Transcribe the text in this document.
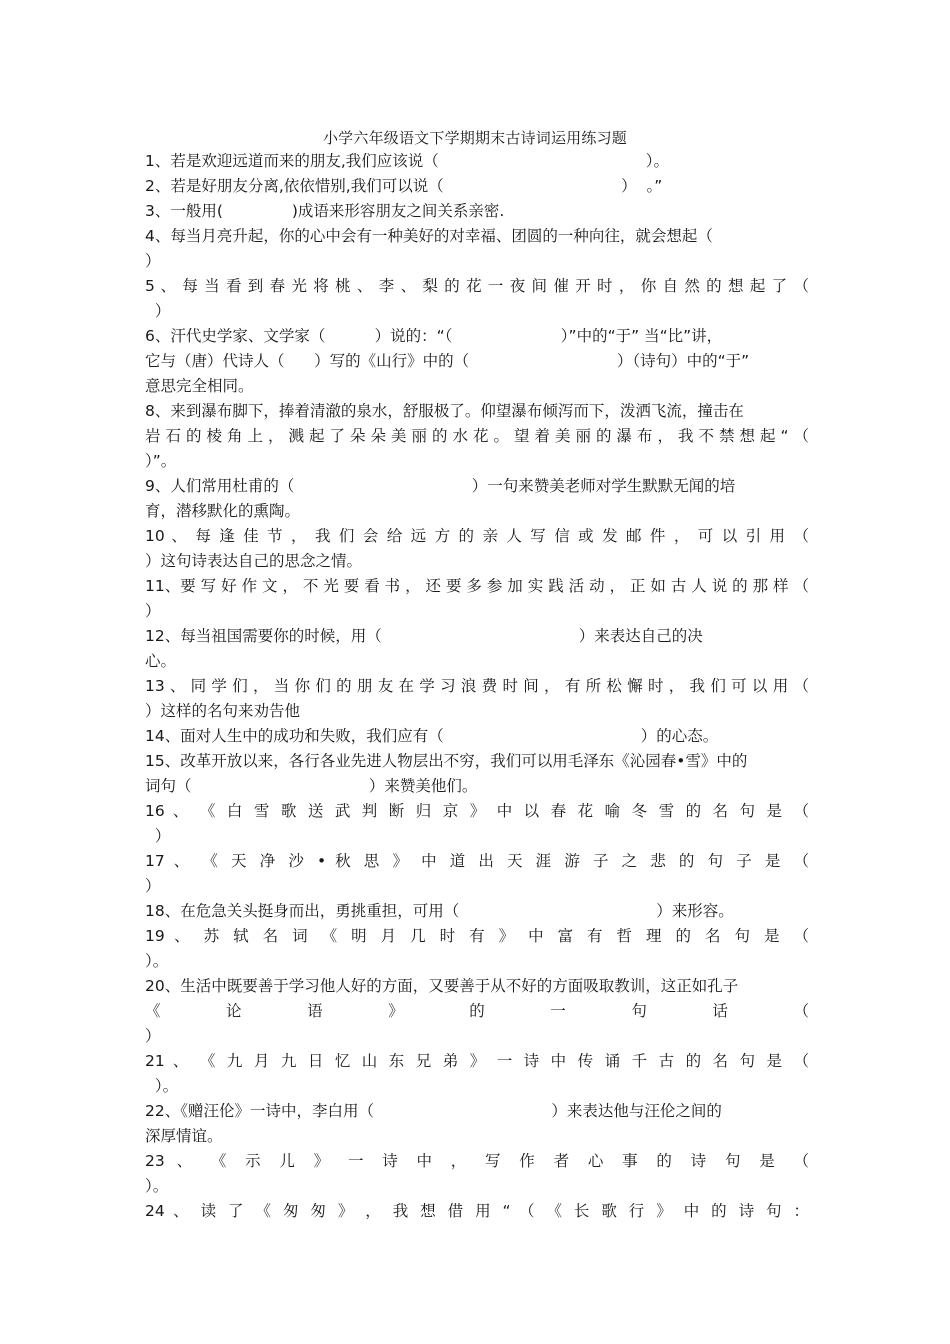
小学六年级语文下学期期末古诗词运用练习题
1、若是欢迎远道而来的朋友,我们应该说（                                          ）。
2、若是好朋友分离,依依惜别,我们可以说（                                    ）  。”
3、一般用(              )成语来形容朋友之间关系亲密.
4、每当月亮升起，你的心中会有一种美好的对幸福、团圆的一种向往，就会想起（
）
5 、 每 当 看 到 春 光 将 桃 、 李 、 梨 的 花 一 夜 间 催 开 时 ， 你 自 然 的 想 起 了 （
）
6、汗代史学家、文学家（          ）说的：“（                      ）”中的“于” 当“比”讲，
它与（唐）代诗人（      ）写的《山行》中的（                              ）（诗句）中的“于”
意思完全相同。
8、来到瀑布脚下，捧着清澈的泉水，舒服极了。仰望瀑布倾泻而下，泼洒飞流，撞击在
岩 石 的 棱 角 上 ， 溅 起 了 朵 朵 美 丽 的 水 花 。 望 着 美 丽 的 瀑 布 ， 我 不 禁 想 起 “ （
）”。
9、人们常用杜甫的（                                    ）一句来赞美老师对学生默默无闻的培
育，潜移默化的熏陶。
10 、 每 逢 佳 节 ， 我 们 会 给 远 方 的 亲 人 写 信 或 发 邮 件 ， 可 以 引 用 （
）这句诗表达自己的思念之情。
11、要 写 好 作 文 ， 不 光 要 看 书 ， 还 要 多 参 加 实 践 活 动 ， 正 如 古 人 说 的 那 样 （
）
12、每当祖国需要你的时候，用（                                        ）来表达自己的决
心。
13 、 同 学 们 ， 当 你 们 的 朋 友 在 学 习 浪 费 时 间 ， 有 所 松 懈 时 ， 我 们 可 以 用 （
）这样的名句来劝告他
14、面对人生中的成功和失败，我们应有（                                        ）的心态。
15、改革开放以来，各行各业先进人物层出不穷，我们可以用毛泽东《沁园春•雪》中的
词句（                                    ）来赞美他们。
16 、 《 白 雪 歌 送 武 判 断 归 京 》 中 以 春 花 喻 冬 雪 的 名 句 是 （
）
17 、 《 天 净 沙 • 秋 思 》 中 道 出 天 涯 游 子 之 悲 的 句 子 是 （
）
18、在危急关头挺身而出，勇挑重担，可用（                                        ）来形容。
19 、 苏 轼 名 词 《 明 月 几 时 有 》 中 富 有 哲 理 的 名 句 是 （
）。
20、生活中既要善于学习他人好的方面，又要善于从不好的方面吸取教训，这正如孔子
《 论 语 》 的 一 句 话 （
）
21 、 《 九 月 九 日 忆 山 东 兄 弟 》 一 诗 中 传 诵 千 古 的 名 句 是 （
）。
22、《赠汪伦》一诗中，李白用（                                    ）来表达他与汪伦之间的
深厚情谊。
23 、 《 示 儿 》 一 诗 中 ， 写 作 者 心 事 的 诗 句 是 （
）。
24 、 读 了 《 匆 匆 》 ， 我 想 借 用 “ （ 《 长 歌 行 》 中 的 诗 句 ：
